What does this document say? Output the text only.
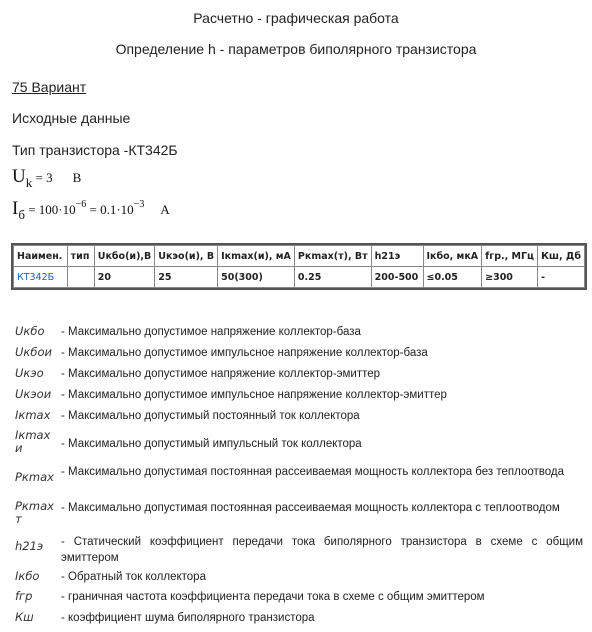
Расчетно - графическая работа
Определение h - параметров биполярного транзистора
75 Вариант
Исходные данные
Тип транзистора -КТ342Б
$U_k = 3$ В
$I_б = 100\cdot 10^{-6} = 0.1\cdot 10^{-3}$ А
Наимен.	тип	Uкбо(и),В	Uкэо(и), В	Iкmax(и), мА	Pкmax(т), Вт	h21э	Iкбо, мкА	fгр., МГц	Кш, Дб
КТ342Б		20	25	50(300)	0.25	200-500	≤0.05	≥300	-
Uкбо - Максимально допустимое напряжение коллектор-база
Uкбои - Максимально допустимое импульсное напряжение коллектор-база
Uкэо - Максимально допустимое напряжение коллектор-эмиттер
Uкэои - Максимально допустимое импульсное напряжение коллектор-эмиттер
Iкmax - Максимально допустимый постоянный ток коллектора
Iкmax и	- Максимально допустимый импульсный ток коллектора
Pкmax - Максимально допустимая постоянная рассеиваемая мощность коллектора без теплоотвода
Pкmax т
- Максимально допустимая постоянная рассеиваемая мощность коллектора с теплоотводом
h21э - Статический коэффициент передачи тока биполярного транзистора в схеме с общим эмиттером
Iкбо - Обратный ток коллектора
fгр - граничная частота коэффициента передачи тока в схеме с общим эмиттером
Кш - коэффициент шума биполярного транзистора
